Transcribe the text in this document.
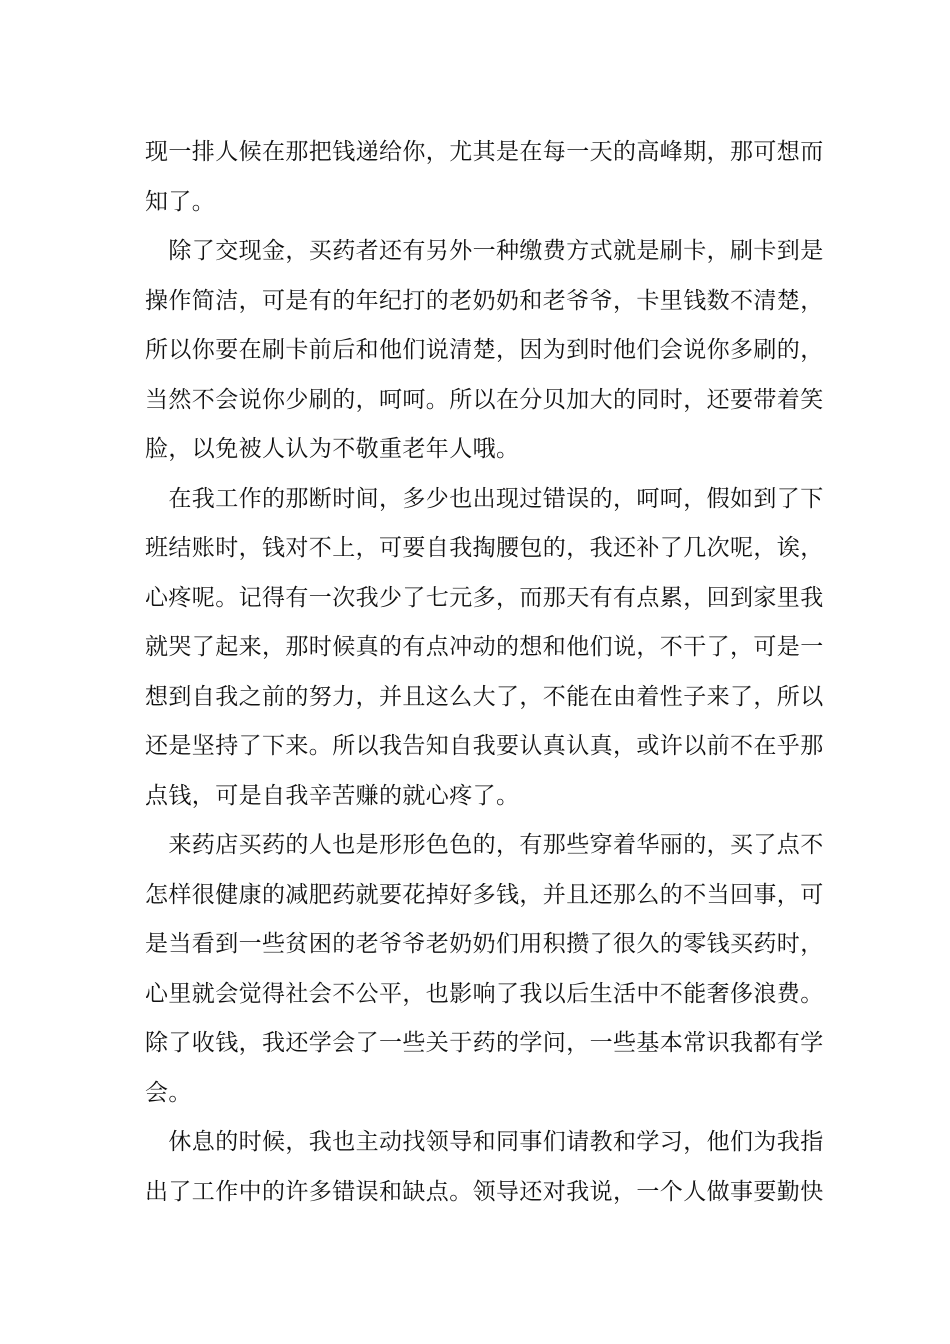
现一排人候在那把钱递给你，尤其是在每一天的高峰期，那可想而
知了。
　除了交现金，买药者还有另外一种缴费方式就是刷卡，刷卡到是
操作简洁，可是有的年纪打的老奶奶和老爷爷，卡里钱数不清楚，
所以你要在刷卡前后和他们说清楚，因为到时他们会说你多刷的，
当然不会说你少刷的，呵呵。所以在分贝加大的同时，还要带着笑
脸，以免被人认为不敬重老年人哦。
　在我工作的那断时间，多少也出现过错误的，呵呵，假如到了下
班结账时，钱对不上，可要自我掏腰包的，我还补了几次呢，诶，
心疼呢。记得有一次我少了七元多，而那天有有点累，回到家里我
就哭了起来，那时候真的有点冲动的想和他们说，不干了，可是一
想到自我之前的努力，并且这么大了，不能在由着性子来了，所以
还是坚持了下来。所以我告知自我要认真认真，或许以前不在乎那
点钱，可是自我辛苦赚的就心疼了。
　来药店买药的人也是形形色色的，有那些穿着华丽的，买了点不
怎样很健康的减肥药就要花掉好多钱，并且还那么的不当回事，可
是当看到一些贫困的老爷爷老奶奶们用积攒了很久的零钱买药时，
心里就会觉得社会不公平，也影响了我以后生活中不能奢侈浪费。
除了收钱，我还学会了一些关于药的学问，一些基本常识我都有学
会。
　休息的时候，我也主动找领导和同事们请教和学习，他们为我指
出了工作中的许多错误和缺点。领导还对我说，一个人做事要勤快
